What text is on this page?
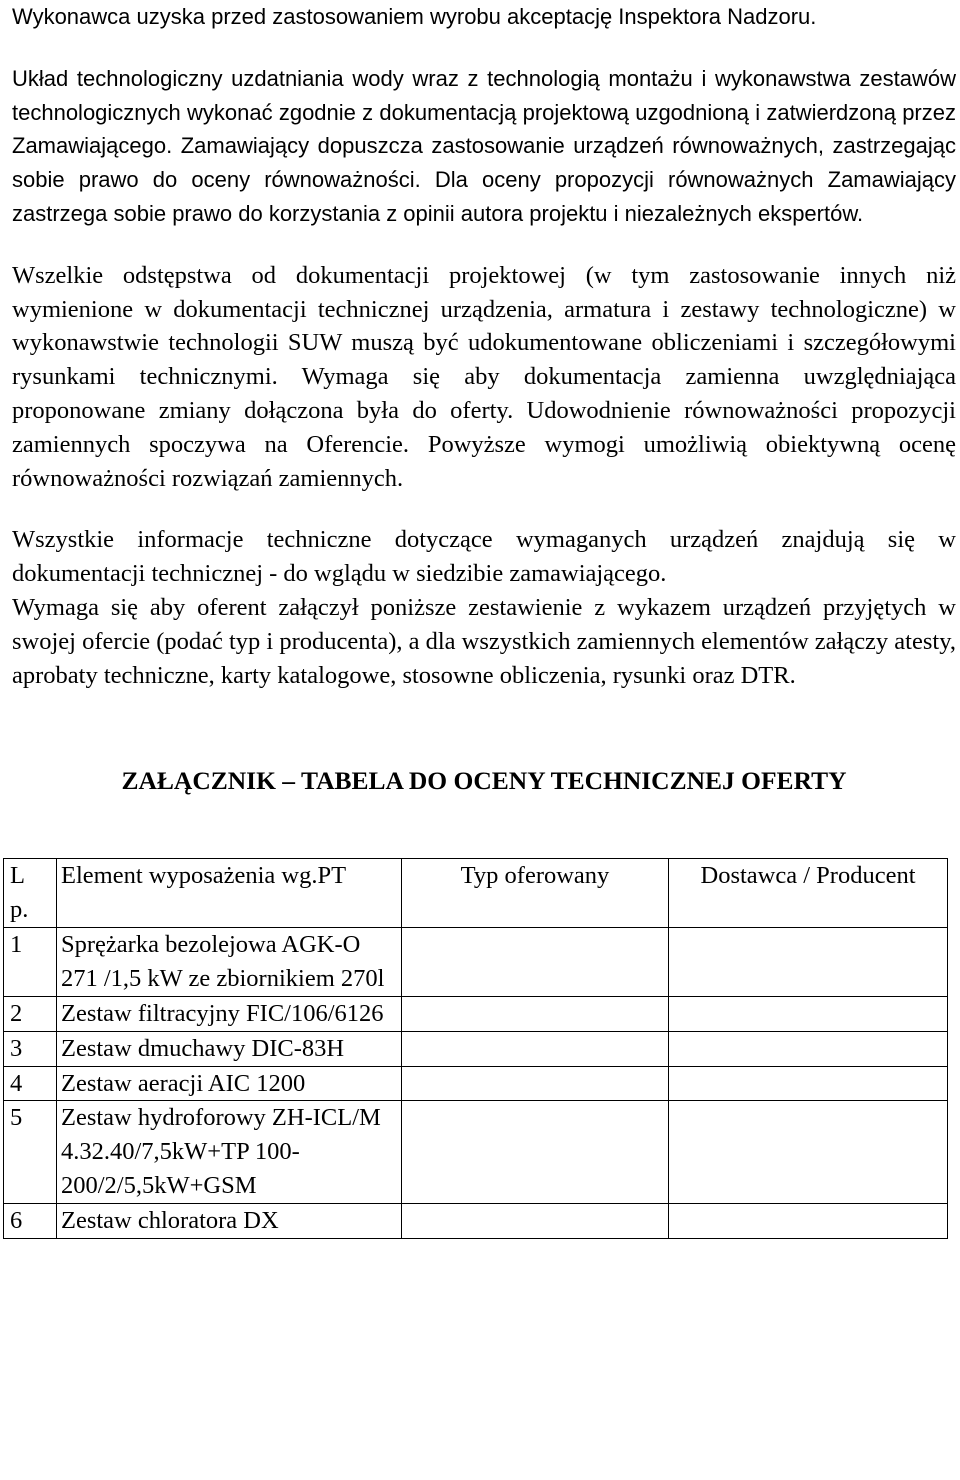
Wykonawca uzyska przed zastosowaniem wyrobu akceptację Inspektora Nadzoru.

Układ technologiczny uzdatniania wody wraz z technologią montażu i wykonawstwa zestawów technologicznych wykonać zgodnie z dokumentacją projektową uzgodnioną i zatwierdzoną przez Zamawiającego. Zamawiający dopuszcza zastosowanie urządzeń równoważnych, zastrzegając sobie prawo do oceny równoważności. Dla oceny propozycji równoważnych Zamawiający zastrzega sobie prawo do korzystania z opinii autora projektu i niezależnych ekspertów.

Wszelkie odstępstwa od dokumentacji projektowej (w tym zastosowanie innych niż wymienione w dokumentacji technicznej urządzenia, armatura i zestawy technologiczne) w wykonawstwie technologii SUW muszą być udokumentowane obliczeniami i szczegółowymi rysunkami technicznymi. Wymaga się aby dokumentacja zamienna uwzględniająca proponowane zmiany dołączona była do oferty. Udowodnienie równoważności propozycji zamiennych spoczywa na Oferencie. Powyższe wymogi umożliwią obiektywną ocenę równoważności rozwiązań zamiennych.

Wszystkie informacje techniczne dotyczące wymaganych urządzeń znajdują się w dokumentacji technicznej - do wglądu w siedzibie zamawiającego.

Wymaga się aby oferent załączył poniższe zestawienie z wykazem urządzeń przyjętych w swojej ofercie (podać typ i producenta), a dla wszystkich zamiennych elementów załączy atesty, aprobaty techniczne, karty katalogowe, stosowne obliczenia, rysunki oraz DTR.

ZAŁĄCZNIK – TABELA DO OCENY TECHNICZNEJ OFERTY
Lp.	Element wyposażenia wg.PT	Typ oferowany	Dostawca / Producent
1	Sprężarka bezolejowa AGK-O 271 /1,5 kW ze zbiornikiem 270l		
2	Zestaw filtracyjny FIC/106/6126		
3	Zestaw dmuchawy DIC-83H		
4	Zestaw aeracji AIC 1200		
5	Zestaw hydroforowy ZH-ICL/M 4.32.40/7,5kW+TP 100-200/2/5,5kW+GSM		
6	Zestaw chloratora DX		
